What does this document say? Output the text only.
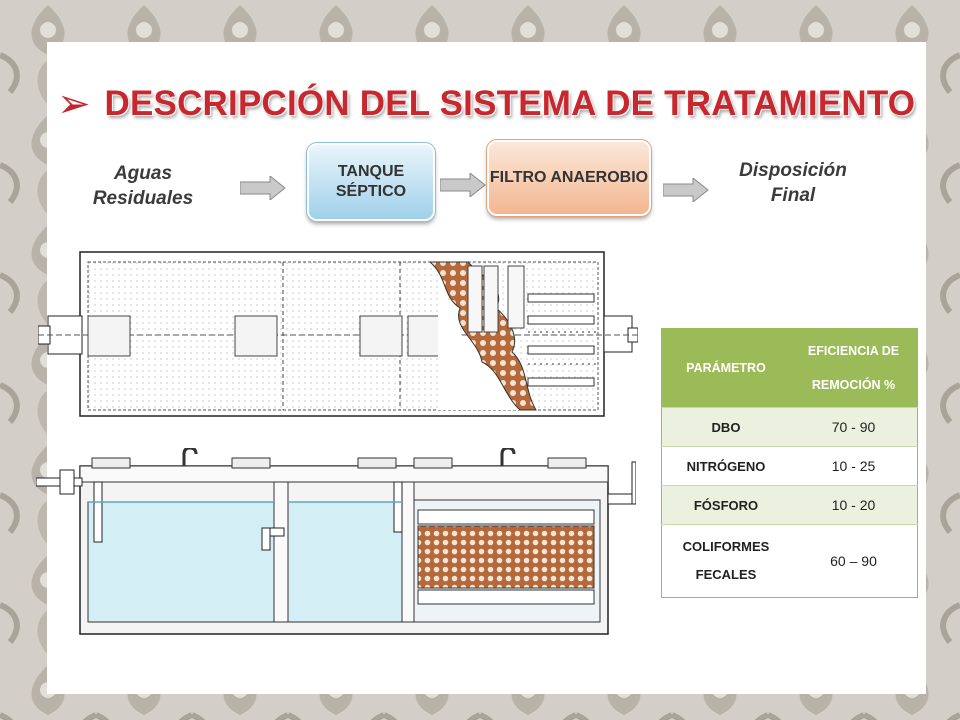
➢ DESCRIPCIÓN DEL SISTEMA DE TRATAMIENTO
Aguas Residuales
TANQUE SÉPTICO
FILTRO ANAEROBIO	Disposición Final
PARÁMETRO	EFICIENCIA DE REMOCIÓN %
DBO	70 - 90
NITRÓGENO	10 - 25
FÓSFORO	10 - 20
COLIFORMES FECALES	60 – 90
